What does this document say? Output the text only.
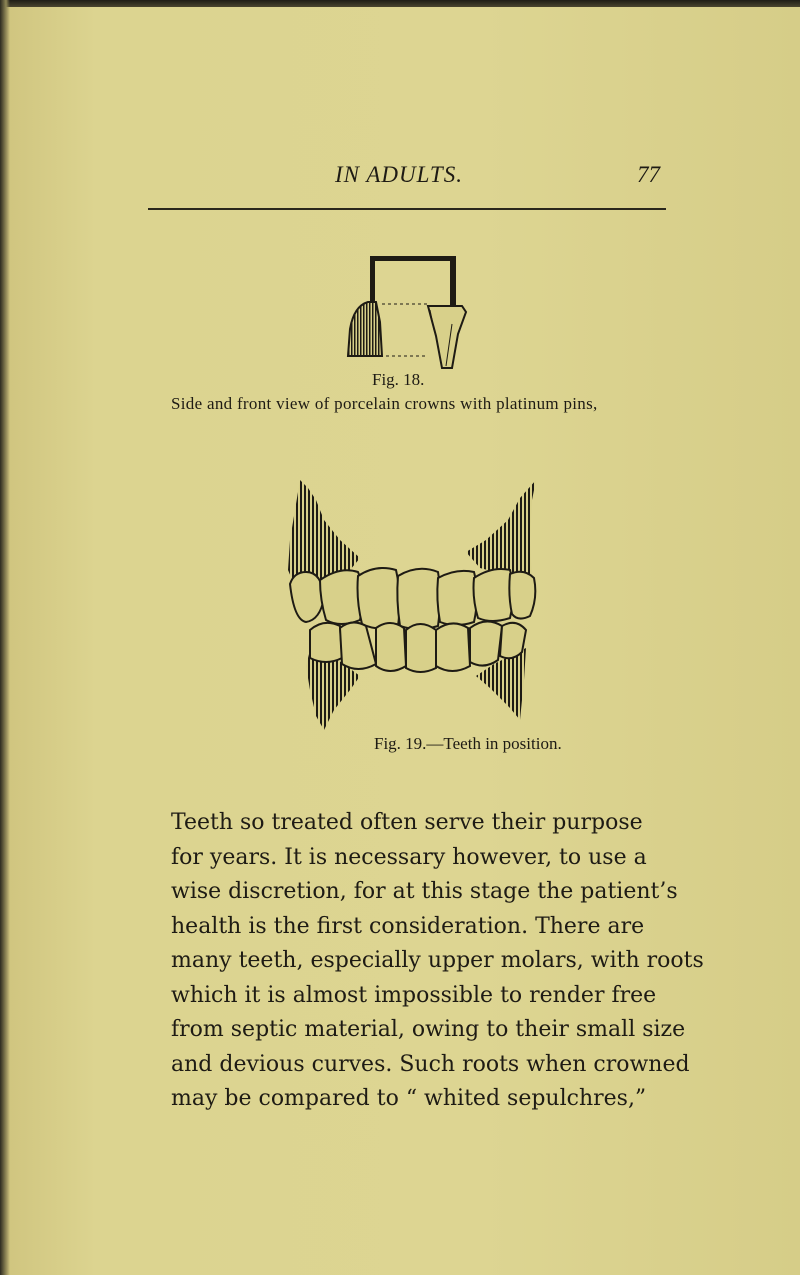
IN ADULTS.	77
Fig. 18.
Side and front view of porcelain crowns with platinum pins,
Fig. 19.—Teeth in position.
Teeth so treated often serve their purpose
for years. It is necessary however, to use a
wise discretion, for at this stage the patient’s
health is the first consideration. There are
many teeth, especially upper molars, with roots
which it is almost impossible to render free
from septic material, owing to their small size
and devious curves. Such roots when crowned
may be compared to “ whited sepulchres,”
